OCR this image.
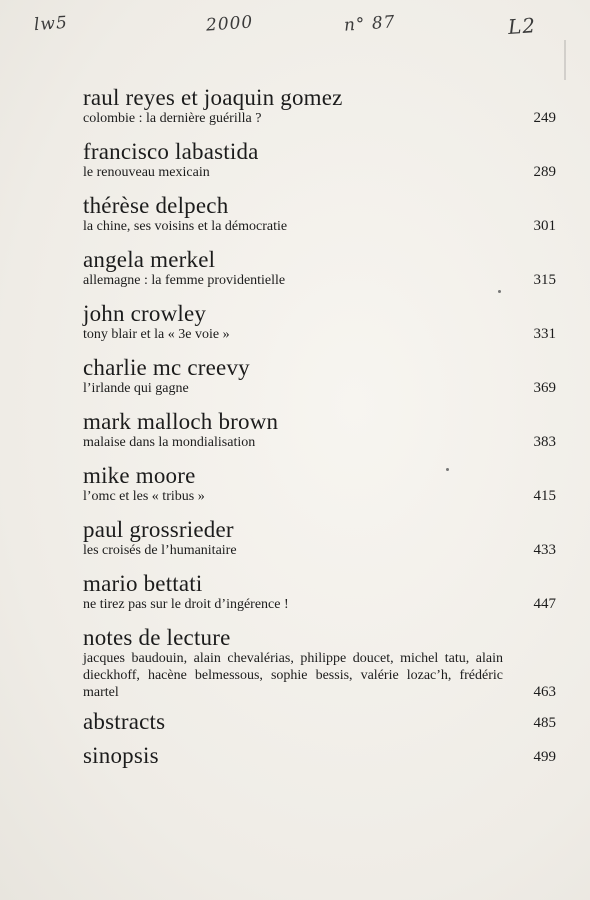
lw5	2000	n° 87	L2
raul reyes et joaquin gomez
colombie : la dernière guérilla ?	249
francisco labastida
le renouveau mexicain	289
thérèse delpech
la chine, ses voisins et la démocratie	301
angela merkel
allemagne : la femme providentielle	315
john crowley
tony blair et la « 3e voie »	331
charlie mc creevy
l’irlande qui gagne	369
mark malloch brown
malaise dans la mondialisation	383
mike moore
l’omc et les « tribus »	415
paul grossrieder
les croisés de l’humanitaire	433
mario bettati
ne tirez pas sur le droit d’ingérence !	447
notes de lecture
jacques baudouin, alain chevalérias, philippe doucet, michel tatu, alain dieckhoff, hacène belmessous, sophie bessis, valérie lozac’h, frédéric martel	463
abstracts	485
sinopsis	499
